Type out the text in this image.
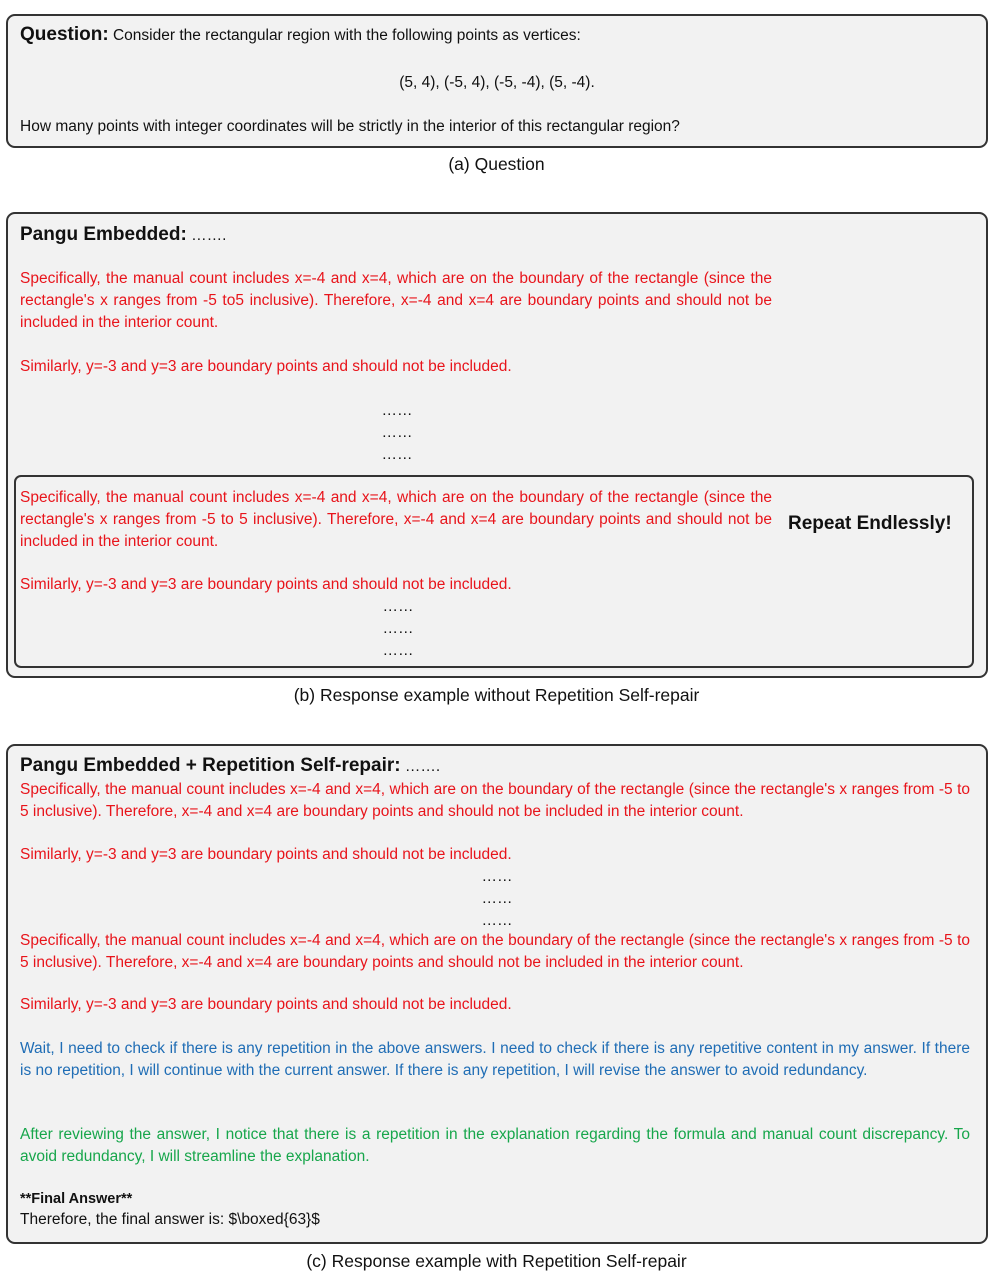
Question: Consider the rectangular region with the following points as vertices:
(5, 4), (-5, 4), (-5, -4), (5, -4).
How many points with integer coordinates will be strictly in the interior of this rectangular region?
(a) Question
Pangu Embedded: …….
Specifically, the manual count includes x=-4 and x=4, which are on the boundary of the rectangle (since the rectangle's x ranges from -5 to5 inclusive). Therefore, x=-4 and x=4 are boundary points and should not be included in the interior count.
Similarly, y=-3 and y=3 are boundary points and should not be included.
……
……
……
Specifically, the manual count includes x=-4 and x=4, which are on the boundary of the rectangle (since the rectangle's x ranges from -5 to 5 inclusive). Therefore, x=-4 and x=4 are boundary points and should not be included in the interior count.
Similarly, y=-3 and y=3 are boundary points and should not be included.
……
……
……
Repeat Endlessly!
(b) Response example without Repetition Self-repair
Pangu Embedded + Repetition Self-repair: …….
Specifically, the manual count includes x=-4 and x=4, which are on the boundary of the rectangle (since the rectangle's x ranges from -5 to 5 inclusive). Therefore, x=-4 and x=4 are boundary points and should not be included in the interior count.
Similarly, y=-3 and y=3 are boundary points and should not be included.
……
……
……
Specifically, the manual count includes x=-4 and x=4, which are on the boundary of the rectangle (since the rectangle's x ranges from -5 to 5 inclusive). Therefore, x=-4 and x=4 are boundary points and should not be included in the interior count.
Similarly, y=-3 and y=3 are boundary points and should not be included.
Wait, I need to check if there is any repetition in the above answers. I need to check if there is any repetitive content in my answer. If there is no repetition, I will continue with the current answer. If there is any repetition, I will revise the answer to avoid redundancy.
After reviewing the answer, I notice that there is a repetition in the explanation regarding the formula and manual count discrepancy. To avoid redundancy, I will streamline the explanation.
**Final Answer**
Therefore, the final answer is: $\boxed{63}$
(c) Response example with Repetition Self-repair
